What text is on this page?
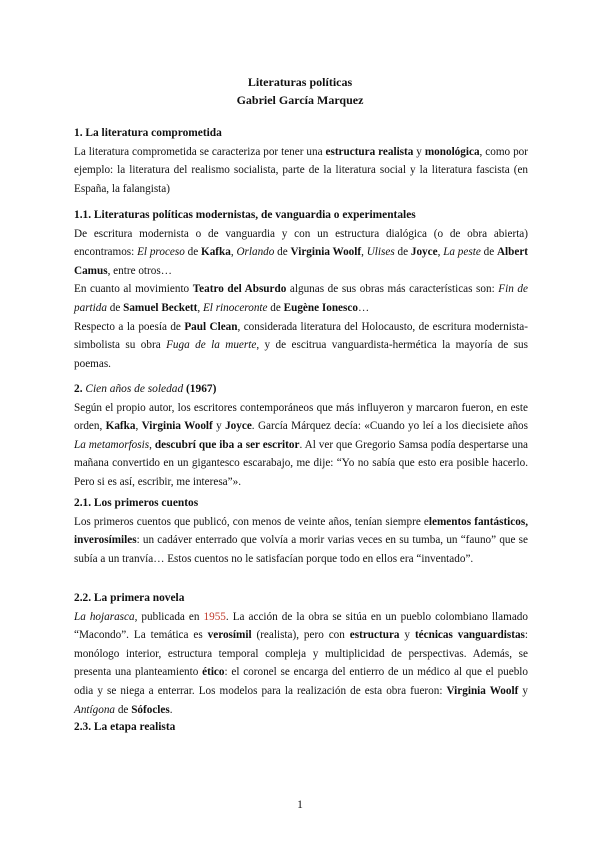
Literaturas políticas
Gabriel García Marquez
1. La literatura comprometida

La literatura comprometida se caracteriza por tener una estructura realista y monológica, como por ejemplo: la literatura del realismo socialista, parte de la literatura social y la literatura fascista (en España, la falangista)

1.1. Literaturas políticas modernistas, de vanguardia o experimentales

De escritura modernista o de vanguardia y con un estructura dialógica (o de obra abierta) encontramos: El proceso de Kafka, Orlando de Virginia Woolf, Ulises de Joyce, La peste de Albert Camus, entre otros…

En cuanto al movimiento Teatro del Absurdo algunas de sus obras más características son: Fin de partida de Samuel Beckett, El rinoceronte de Eugène Ionesco…

Respecto a la poesía de Paul Clean, considerada literatura del Holocausto, de escritura modernista-simbolista su obra Fuga de la muerte, y de escitrua vanguardista-hermética la mayoría de sus poemas.

2. Cien años de soledad (1967)

Según el propio autor, los escritores contemporáneos que más influyeron y marcaron fueron, en este orden, Kafka, Virginia Woolf y Joyce. García Márquez decía: «Cuando yo leí a los diecisiete años La metamorfosis, descubrí que iba a ser escritor. Al ver que Gregorio Samsa podía despertarse una mañana convertido en un gigantesco escarabajo, me dije: “Yo no sabía que esto era posible hacerlo. Pero si es así, escribir, me interesa”».

2.1. Los primeros cuentos

Los primeros cuentos que publicó, con menos de veinte años, tenían siempre elementos fantásticos, inverosímiles: un cadáver enterrado que volvía a morir varias veces en su tumba, un “fauno” que se subía a un tranvía… Estos cuentos no le satisfacían porque todo en ellos era “inventado”.

2.2. La primera novela

La hojarasca, publicada en 1955. La acción de la obra se sitúa en un pueblo colombiano llamado “Macondo”. La temática es verosímil (realista), pero con estructura y técnicas vanguardistas: monólogo interior, estructura temporal compleja y multiplicidad de perspectivas. Además, se presenta una planteamiento ético: el coronel se encarga del entierro de un médico al que el pueblo odia y se niega a enterrar. Los modelos para la realización de esta obra fueron: Virginia Woolf y Antígona de Sófocles.

2.3. La etapa realista
1
